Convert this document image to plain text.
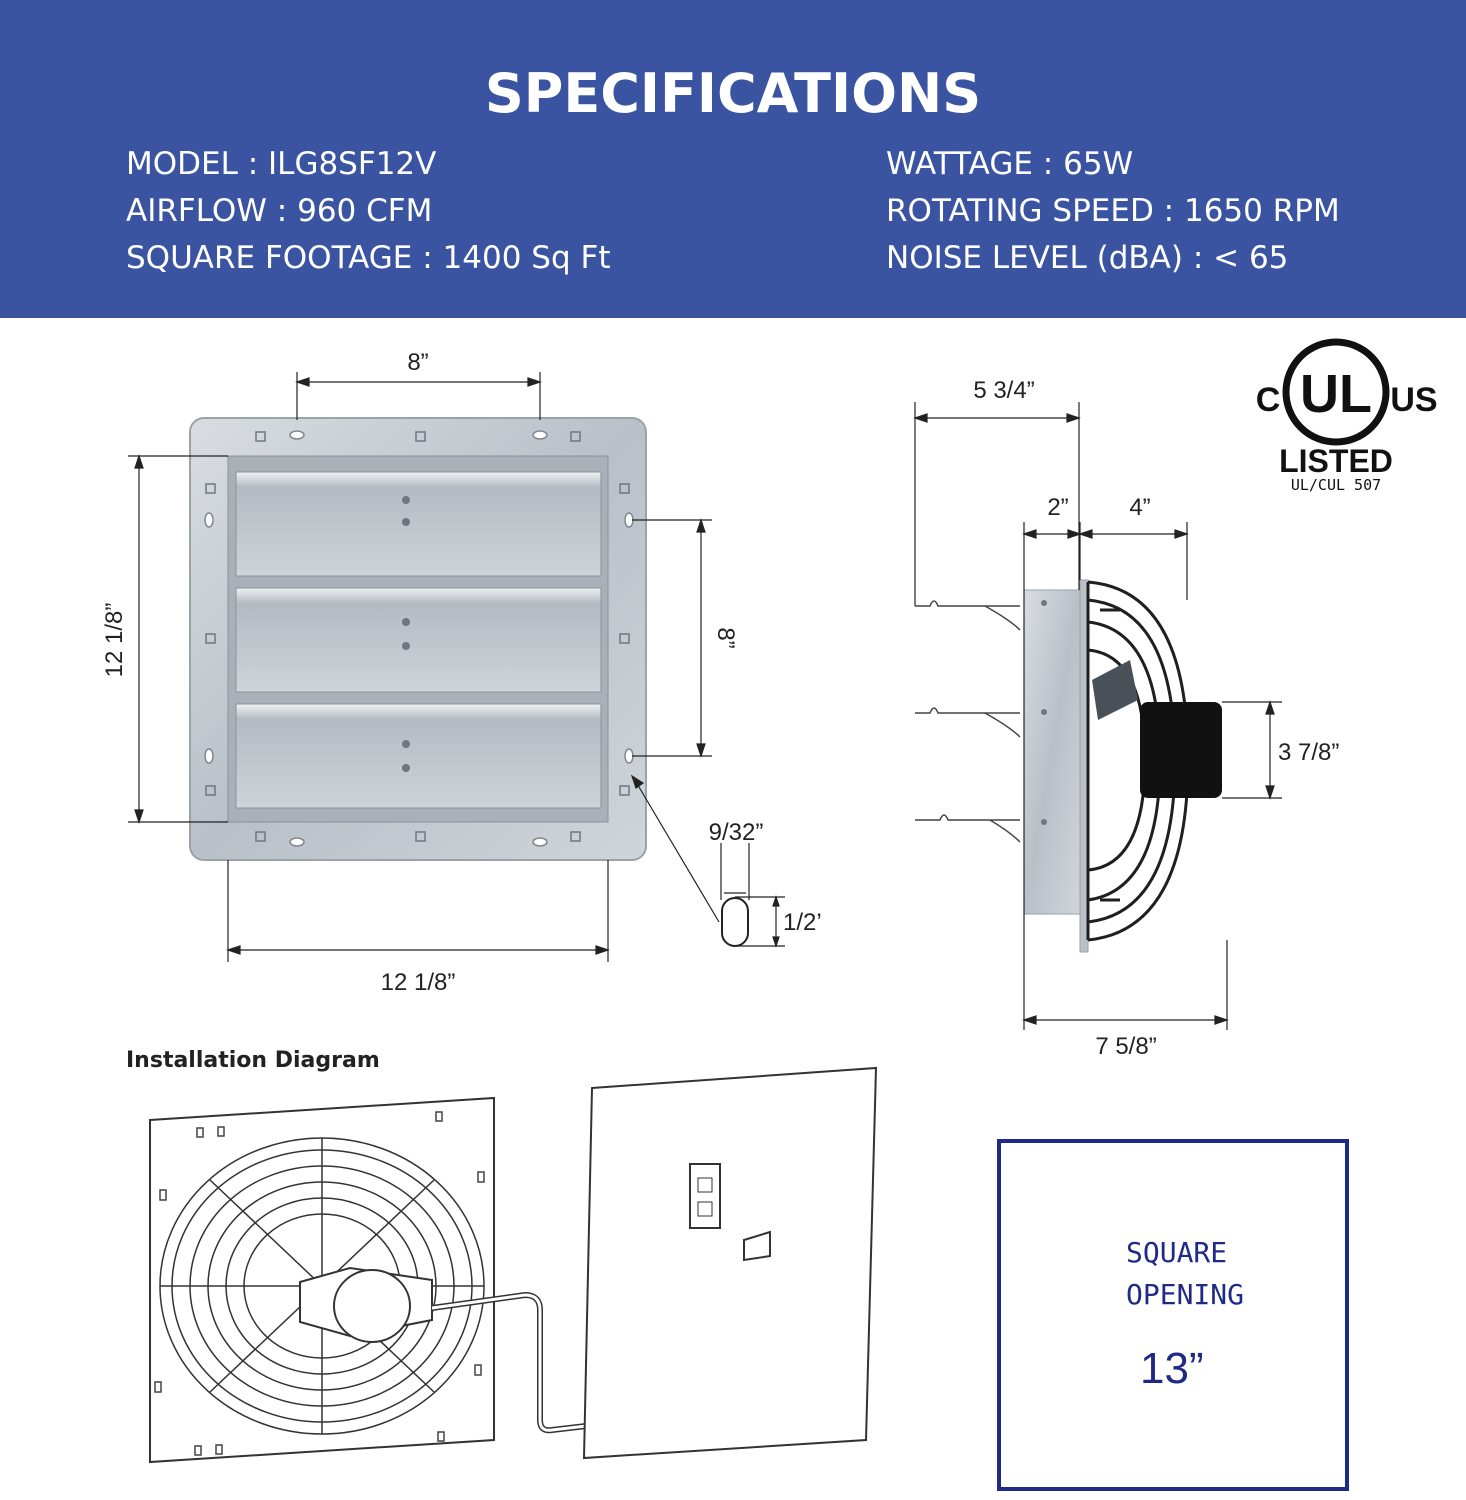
SPECIFICATIONS
MODEL : ILG8SF12V
AIRFLOW : 960 CFM
SQUARE FOOTAGE : 1400 Sq Ft
WATTAGE : 65W
ROTATING SPEED : 1650 RPM
NOISE LEVEL (dBA) : < 65
8”
12 1/8”	8”
12 1/8”
9/32”
1/2’
5 3/4”
2”	4”
3 7/8”
7 5/8”
UL
C	US
LISTED
UL/CUL 507
Installation Diagram
SQUARE
OPENING
13”
